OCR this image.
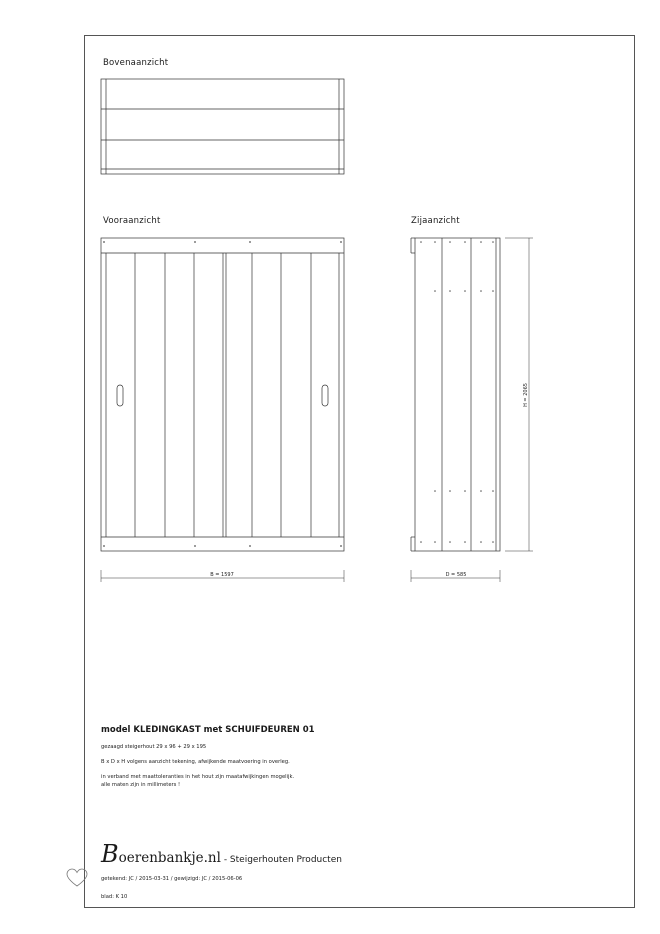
Bovenaanzicht
Vooraanzicht	Zijaanzicht
B = 1597	D = 585
H = 2065
model KLEDINGKAST met SCHUIFDEUREN 01
gezaagd steigerhout 29 x 96 + 29 x 195
B x D x H volgens aanzicht tekening, afwijkende maatvoering in overleg.
in verband met maattoleranties in het hout zijn maatafwijkingen mogelijk.
alle maten zijn in millimeters !
Boerenbankje.nl - Steigerhouten Producten
getekend: JC / 2015-03-31 / gewijzigd: JC / 2015-06-06
blad: K 10
